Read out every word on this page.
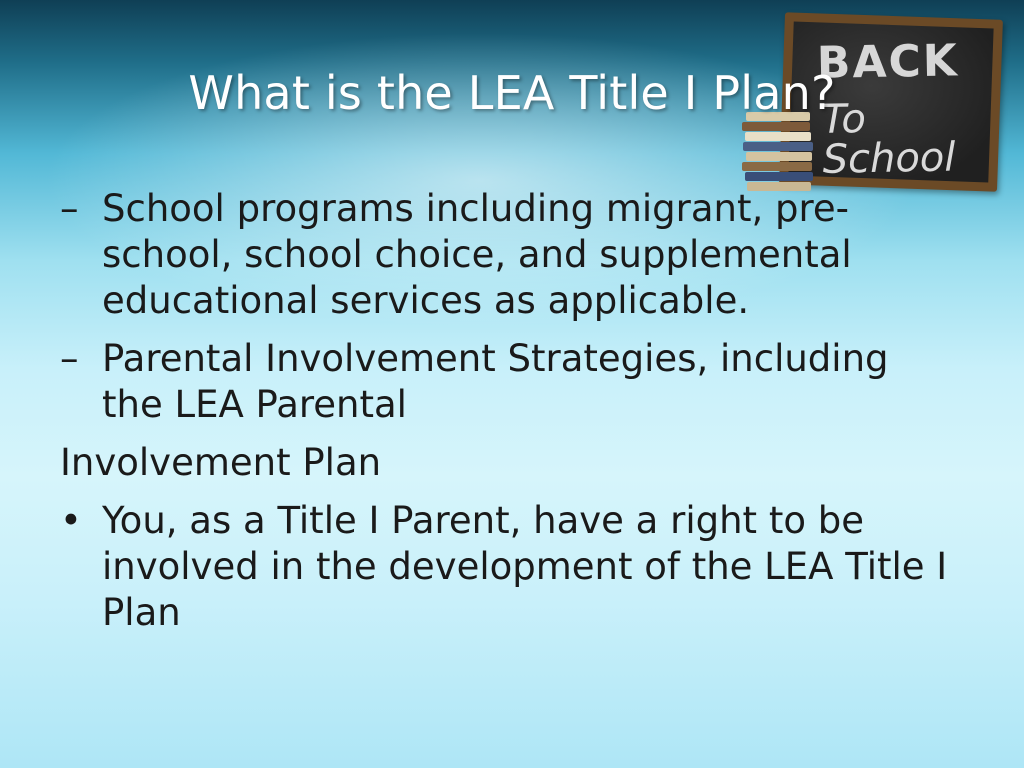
BACK
To School
What is the LEA Title I Plan?
– School programs including migrant, pre-school, school choice, and supplemental educational services as applicable.
– Parental Involvement Strategies, including the LEA Parental
Involvement Plan
• You, as a Title I Parent, have a right to be involved in the development of the LEA Title I Plan
